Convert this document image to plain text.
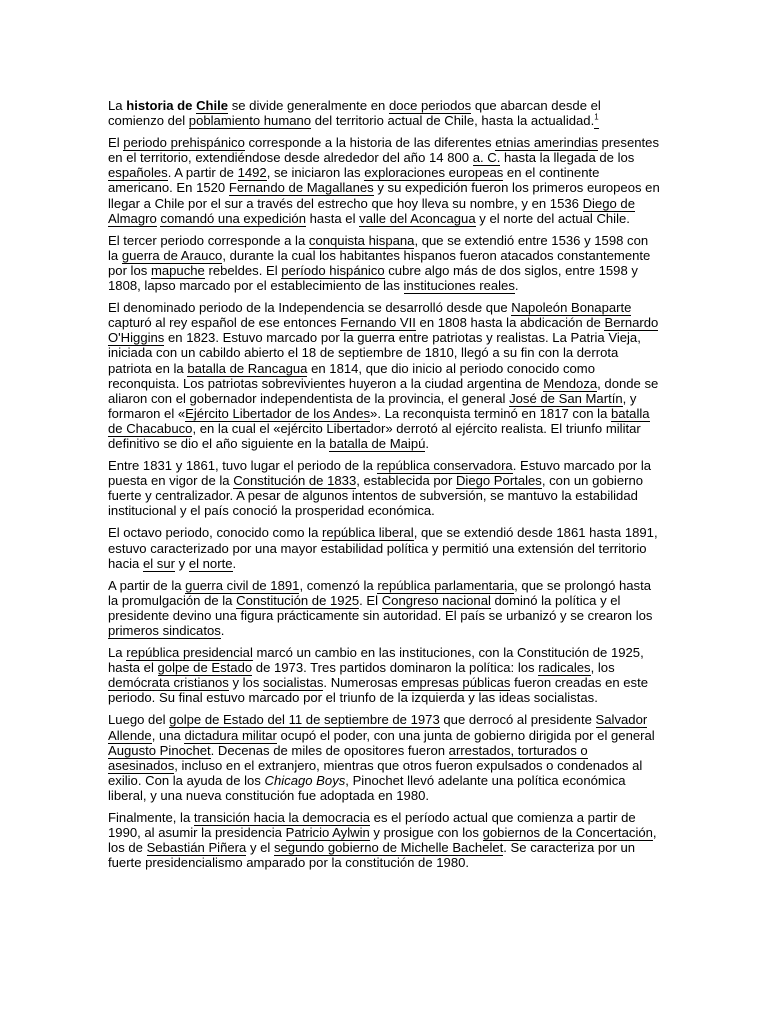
La historia de Chile se divide generalmente en doce periodos que abarcan desde el comienzo del poblamiento humano del territorio actual de Chile, hasta la actualidad.$^1$

El periodo prehispánico corresponde a la historia de las diferentes etnias amerindias presentes en el territorio, extendiéndose desde alrededor del año 14 800 a. C. hasta la llegada de los españoles. A partir de 1492, se iniciaron las exploraciones europeas en el continente americano. En 1520 Fernando de Magallanes y su expedición fueron los primeros europeos en llegar a Chile por el sur a través del estrecho que hoy lleva su nombre, y en 1536 Diego de Almagro comandó una expedición hasta el valle del Aconcagua y el norte del actual Chile.

El tercer periodo corresponde a la conquista hispana, que se extendió entre 1536 y 1598 con la guerra de Arauco, durante la cual los habitantes hispanos fueron atacados constantemente por los mapuche rebeldes. El período hispánico cubre algo más de dos siglos, entre 1598 y 1808, lapso marcado por el establecimiento de las instituciones reales.

El denominado periodo de la Independencia se desarrolló desde que Napoleón Bonaparte capturó al rey español de ese entonces Fernando VII en 1808 hasta la abdicación de Bernardo O'Higgins en 1823. Estuvo marcado por la guerra entre patriotas y realistas. La Patria Vieja, iniciada con un cabildo abierto el 18 de septiembre de 1810, llegó a su fin con la derrota patriota en la batalla de Rancagua en 1814, que dio inicio al periodo conocido como reconquista. Los patriotas sobrevivientes huyeron a la ciudad argentina de Mendoza, donde se aliaron con el gobernador independentista de la provincia, el general José de San Martín, y formaron el «Ejército Libertador de los Andes». La reconquista terminó en 1817 con la batalla de Chacabuco, en la cual el «ejército Libertador» derrotó al ejército realista. El triunfo militar definitivo se dio el año siguiente en la batalla de Maipú.

Entre 1831 y 1861, tuvo lugar el periodo de la república conservadora. Estuvo marcado por la puesta en vigor de la Constitución de 1833, establecida por Diego Portales, con un gobierno fuerte y centralizador. A pesar de algunos intentos de subversión, se mantuvo la estabilidad institucional y el país conoció la prosperidad económica.

El octavo periodo, conocido como la república liberal, que se extendió desde 1861 hasta 1891, estuvo caracterizado por una mayor estabilidad política y permitió una extensión del territorio hacia el sur y el norte.

A partir de la guerra civil de 1891, comenzó la república parlamentaria, que se prolongó hasta la promulgación de la Constitución de 1925. El Congreso nacional dominó la política y el presidente devino una figura prácticamente sin autoridad. El país se urbanizó y se crearon los primeros sindicatos.

La república presidencial marcó un cambio en las instituciones, con la Constitución de 1925, hasta el golpe de Estado de 1973. Tres partidos dominaron la política: los radicales, los demócrata cristianos y los socialistas. Numerosas empresas públicas fueron creadas en este periodo. Su final estuvo marcado por el triunfo de la izquierda y las ideas socialistas.

Luego del golpe de Estado del 11 de septiembre de 1973 que derrocó al presidente Salvador Allende, una dictadura militar ocupó el poder, con una junta de gobierno dirigida por el general Augusto Pinochet. Decenas de miles de opositores fueron arrestados, torturados o asesinados, incluso en el extranjero, mientras que otros fueron expulsados o condenados al exilio. Con la ayuda de los Chicago Boys, Pinochet llevó adelante una política económica liberal, y una nueva constitución fue adoptada en 1980.

Finalmente, la transición hacia la democracia es el período actual que comienza a partir de 1990, al asumir la presidencia Patricio Aylwin y prosigue con los gobiernos de la Concertación, los de Sebastián Piñera y el segundo gobierno de Michelle Bachelet. Se caracteriza por un fuerte presidencialismo amparado por la constitución de 1980.
